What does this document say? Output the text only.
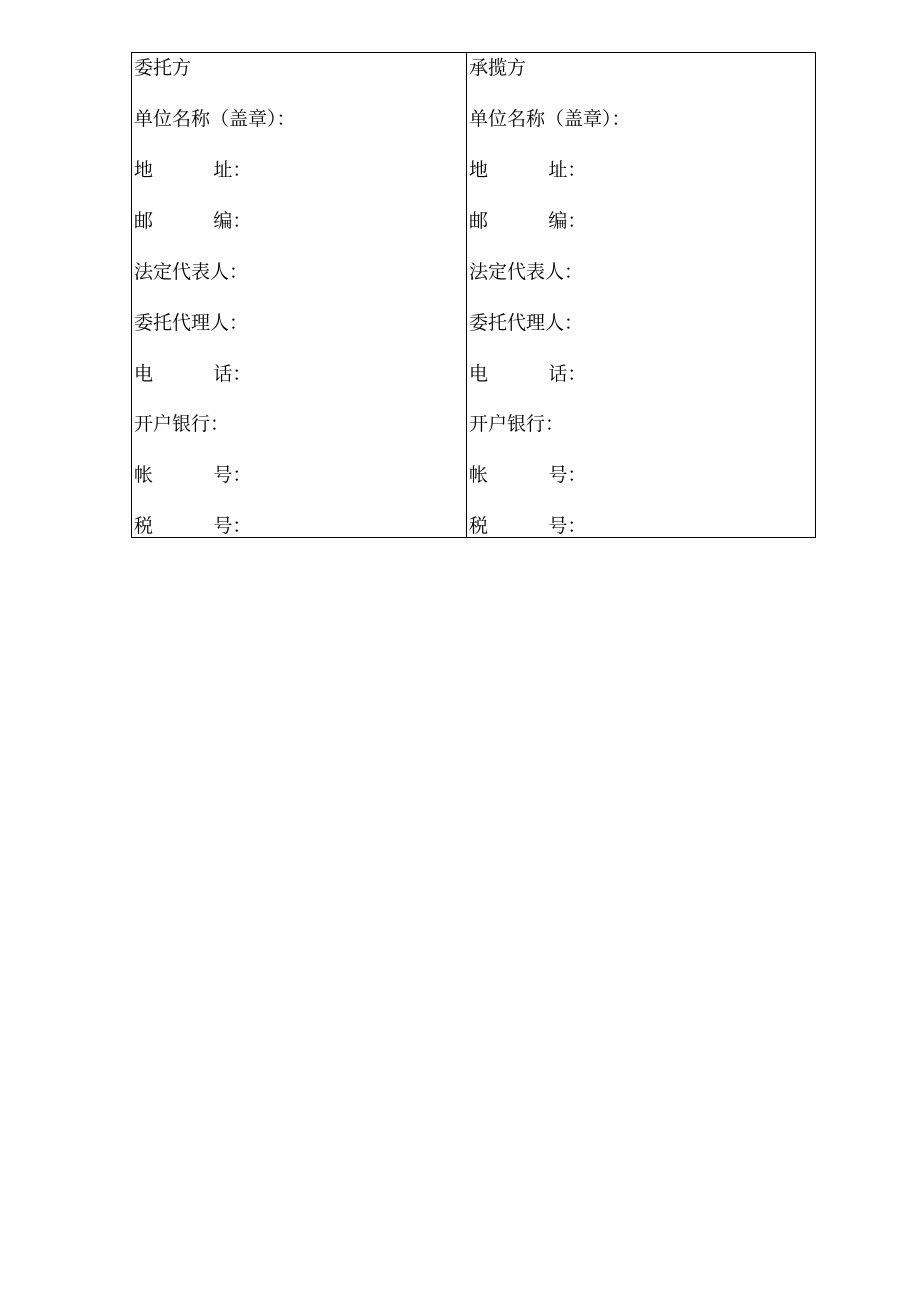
委托方
单位名称（盖章）：
地          址：
邮          编：
法定代表人：
委托代理人：
电          话：
开户银行：
帐          号：
税          号：

承揽方
单位名称（盖章）：
地          址：
邮          编：
法定代表人：
委托代理人：
电          话：
开户银行：
帐          号：
税          号：
